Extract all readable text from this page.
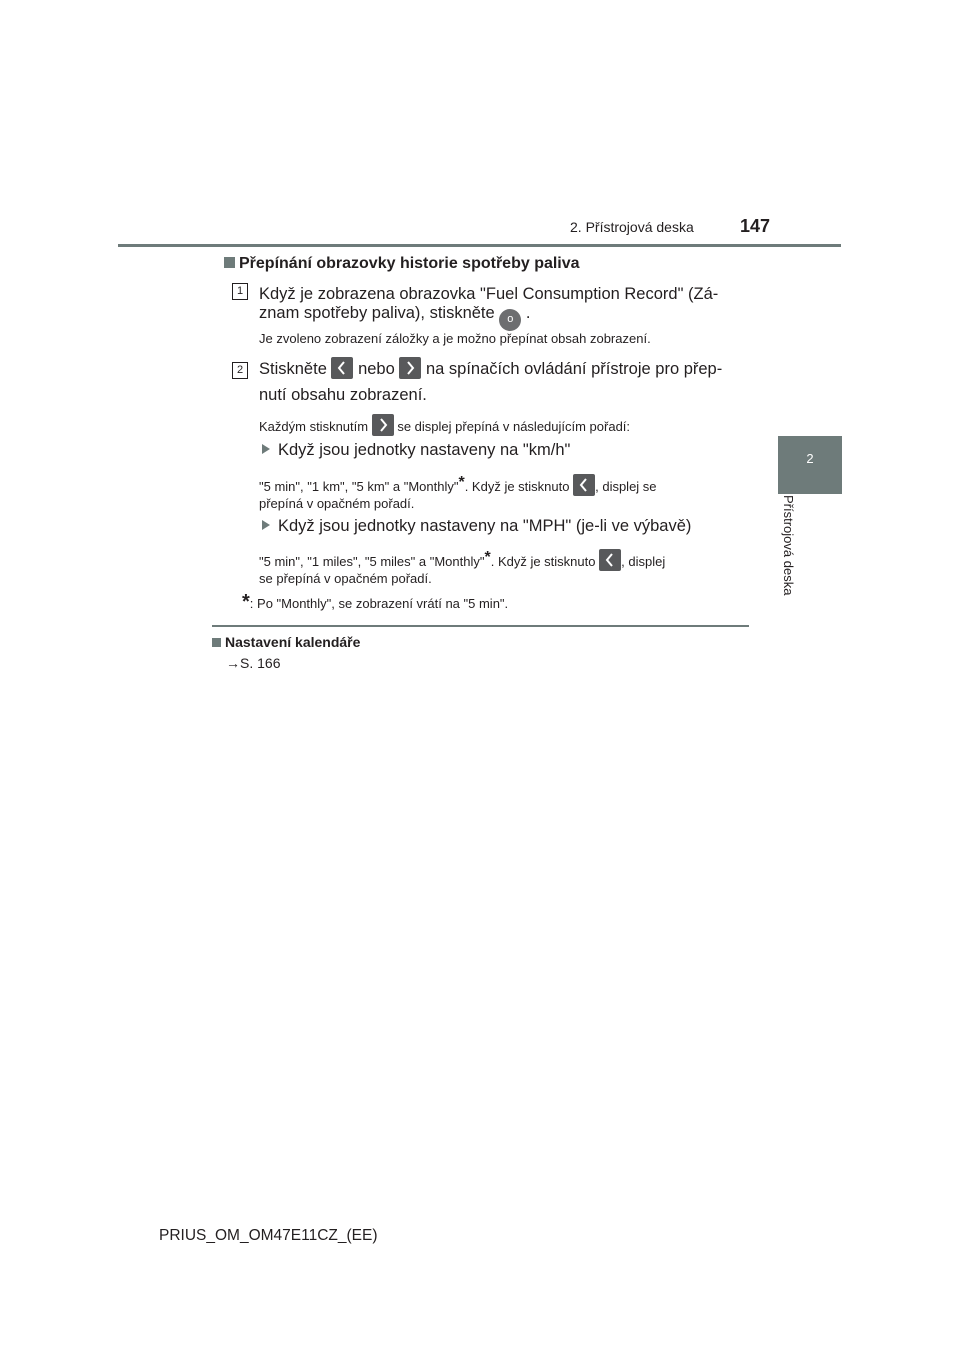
2. Přístrojová deska	147
2
Přístrojová deska
Přepínání obrazovky historie spotřeby paliva
1 Když je zobrazena obrazovka "Fuel Consumption Record" (Zá-
znam spotřeby paliva), stiskněte o .
Je zvoleno zobrazení záložky a je možno přepínat obsah zobrazení.
2 Stiskněte nebo na spínačích ovládání přístroje pro přep-
nutí obsahu zobrazení.
Každým stisknutím se displej přepíná v následujícím pořadí:
Když jsou jednotky nastaveny na "km/h"
"5 min", "1 km", "5 km" a "Monthly"*. Když je stisknuto , displej se
přepíná v opačném pořadí.
Když jsou jednotky nastaveny na "MPH" (je-li ve výbavě)
"5 min", "1 miles", "5 miles" a "Monthly"*. Když je stisknuto , displej
se přepíná v opačném pořadí.
*: Po "Monthly", se zobrazení vrátí na "5 min".
Nastavení kalendáře
→S. 166
PRIUS_OM_OM47E11CZ_(EE)
